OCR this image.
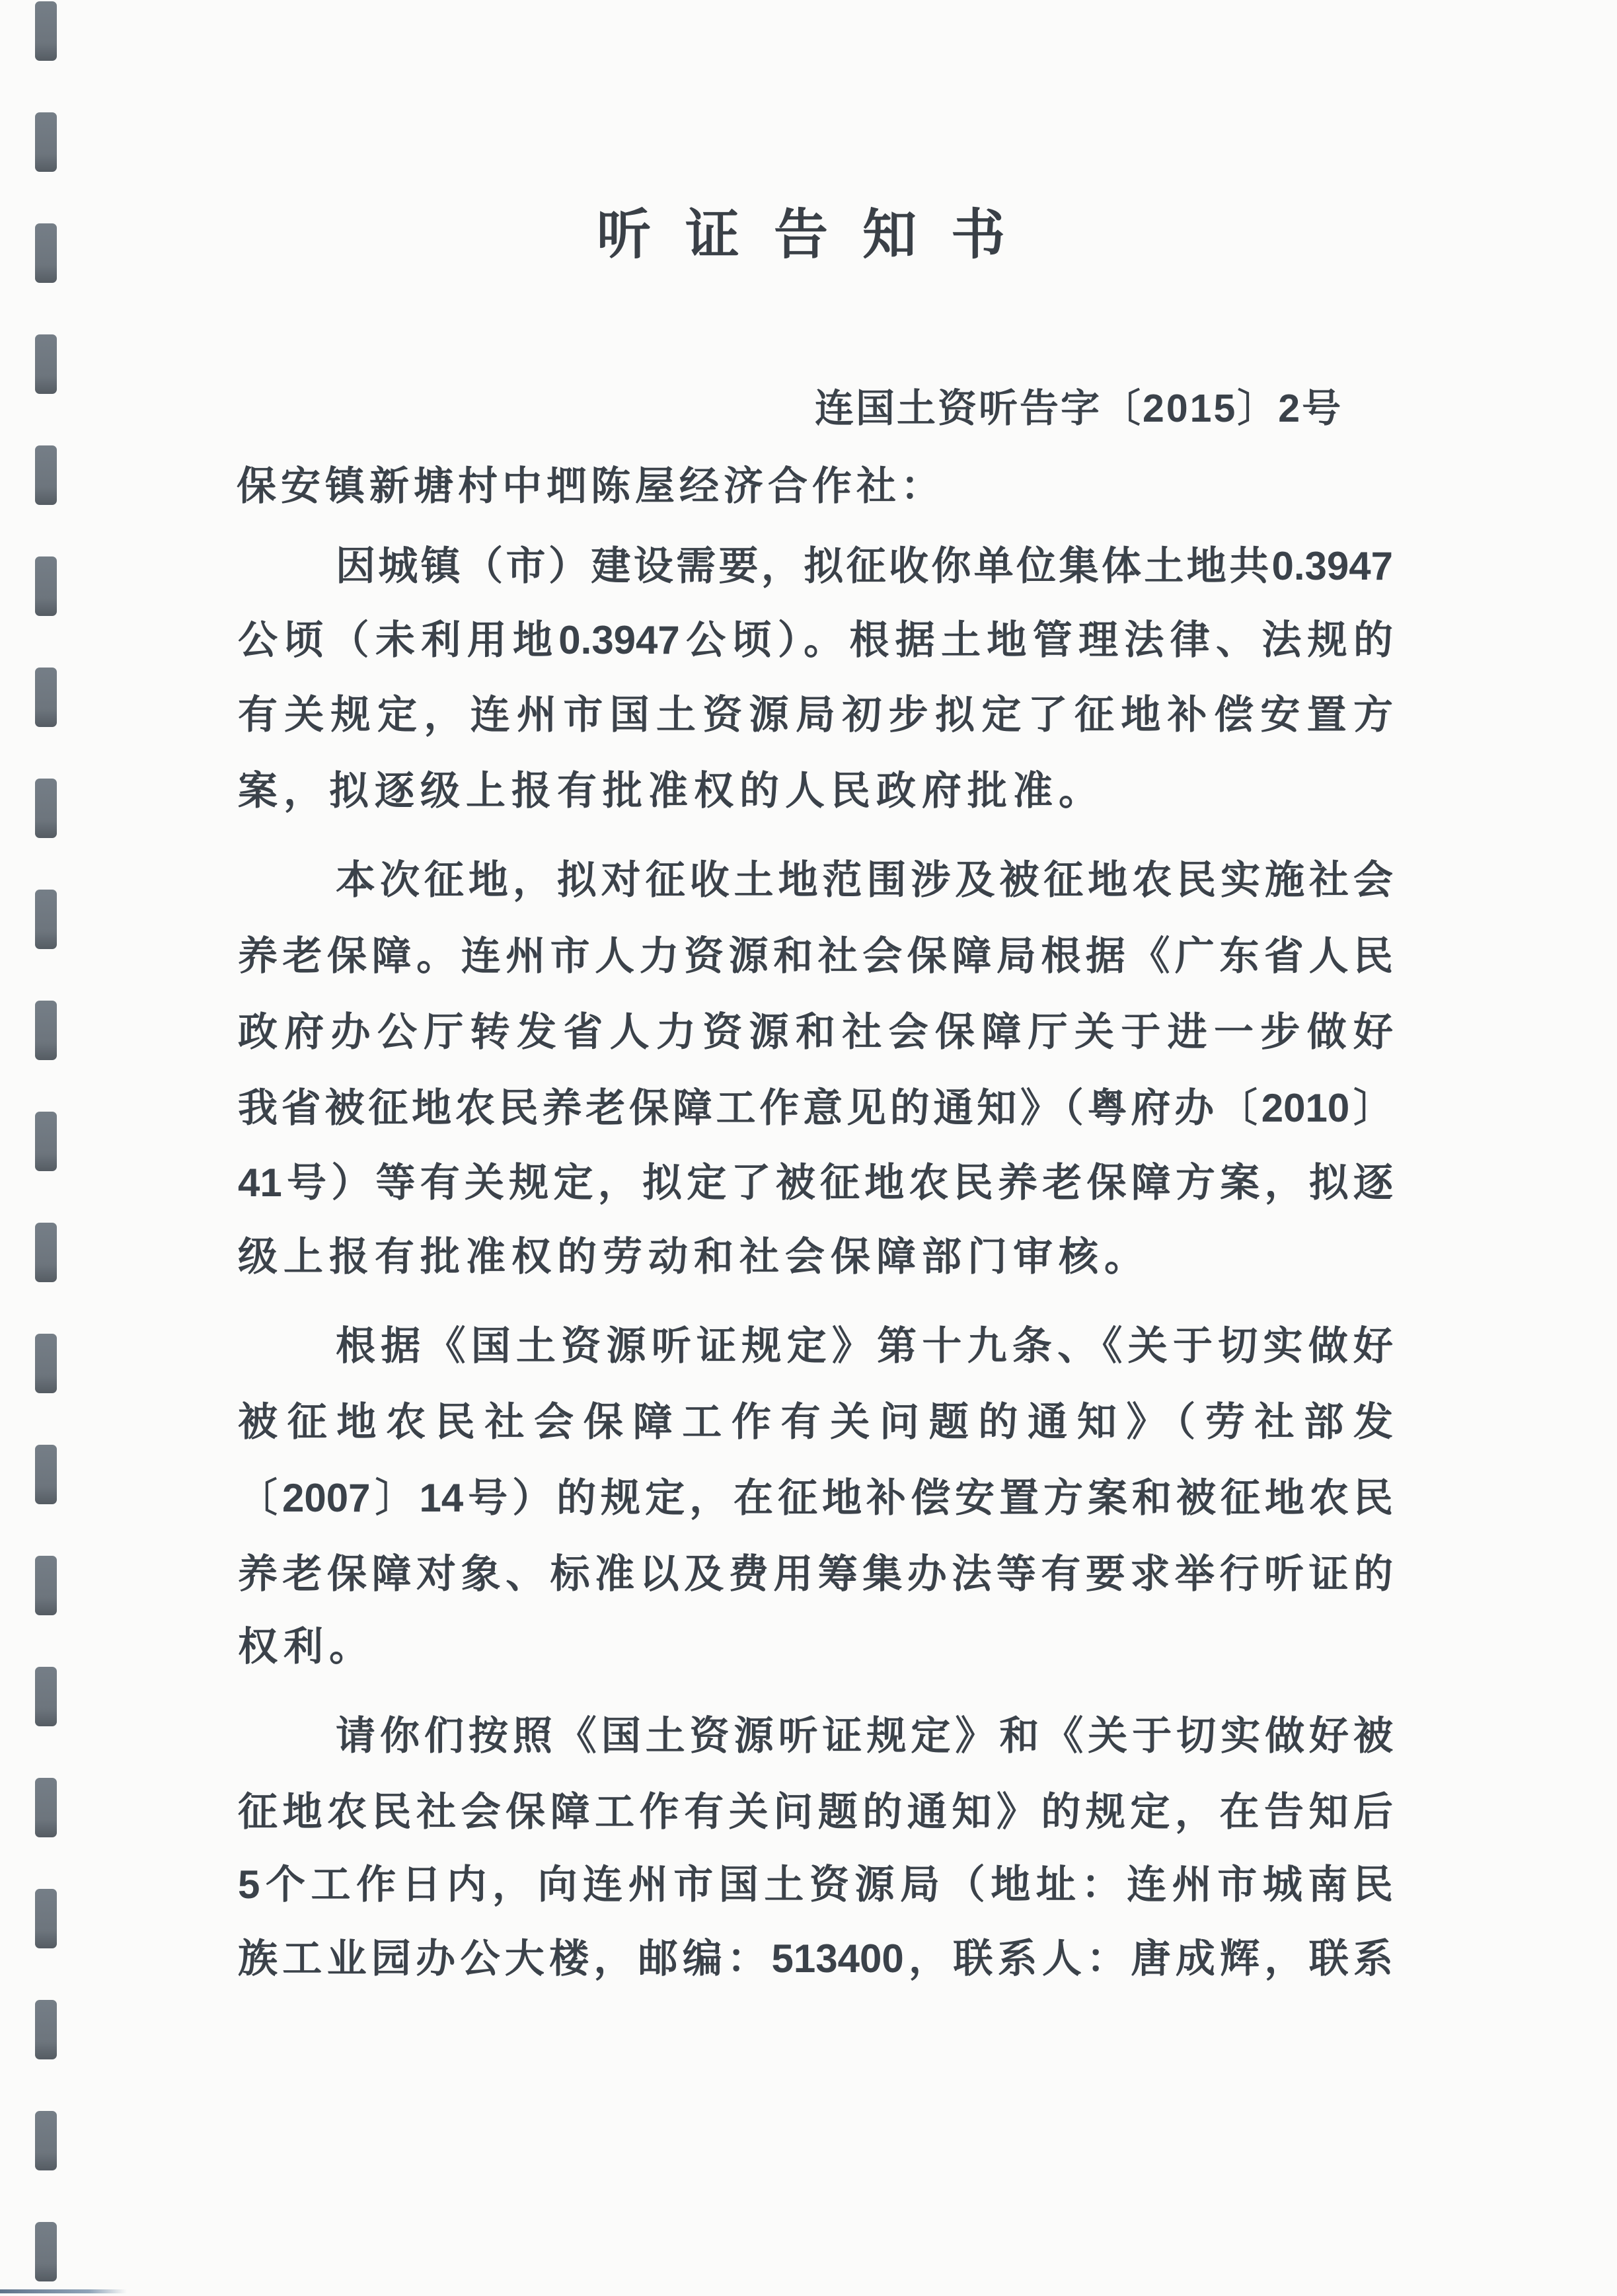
听证告知书
连国土资听告字〔2015〕2号
保安镇新塘村中垇陈屋经济合作社：
因城镇（市）建设需要，拟征收你单位集体土地共0.3947
公顷（未利用地0.3947公顷）。根据土地管理法律、法规的
有关规定，连州市国土资源局初步拟定了征地补偿安置方
案，拟逐级上报有批准权的人民政府批准。
本次征地，拟对征收土地范围涉及被征地农民实施社会
养老保障。连州市人力资源和社会保障局根据《广东省人民
政府办公厅转发省人力资源和社会保障厅关于进一步做好
我省被征地农民养老保障工作意见的通知》（粤府办〔2010〕
41号）等有关规定，拟定了被征地农民养老保障方案，拟逐
级上报有批准权的劳动和社会保障部门审核。
根据《国土资源听证规定》第十九条、《关于切实做好
被征地农民社会保障工作有关问题的通知》（劳社部发
〔2007〕14号）的规定，在征地补偿安置方案和被征地农民
养老保障对象、标准以及费用筹集办法等有要求举行听证的
权利。
请你们按照《国土资源听证规定》和《关于切实做好被
征地农民社会保障工作有关问题的通知》的规定，在告知后
5个工作日内，向连州市国土资源局（地址：连州市城南民
族工业园办公大楼，邮编：513400，联系人：唐成辉，联系
